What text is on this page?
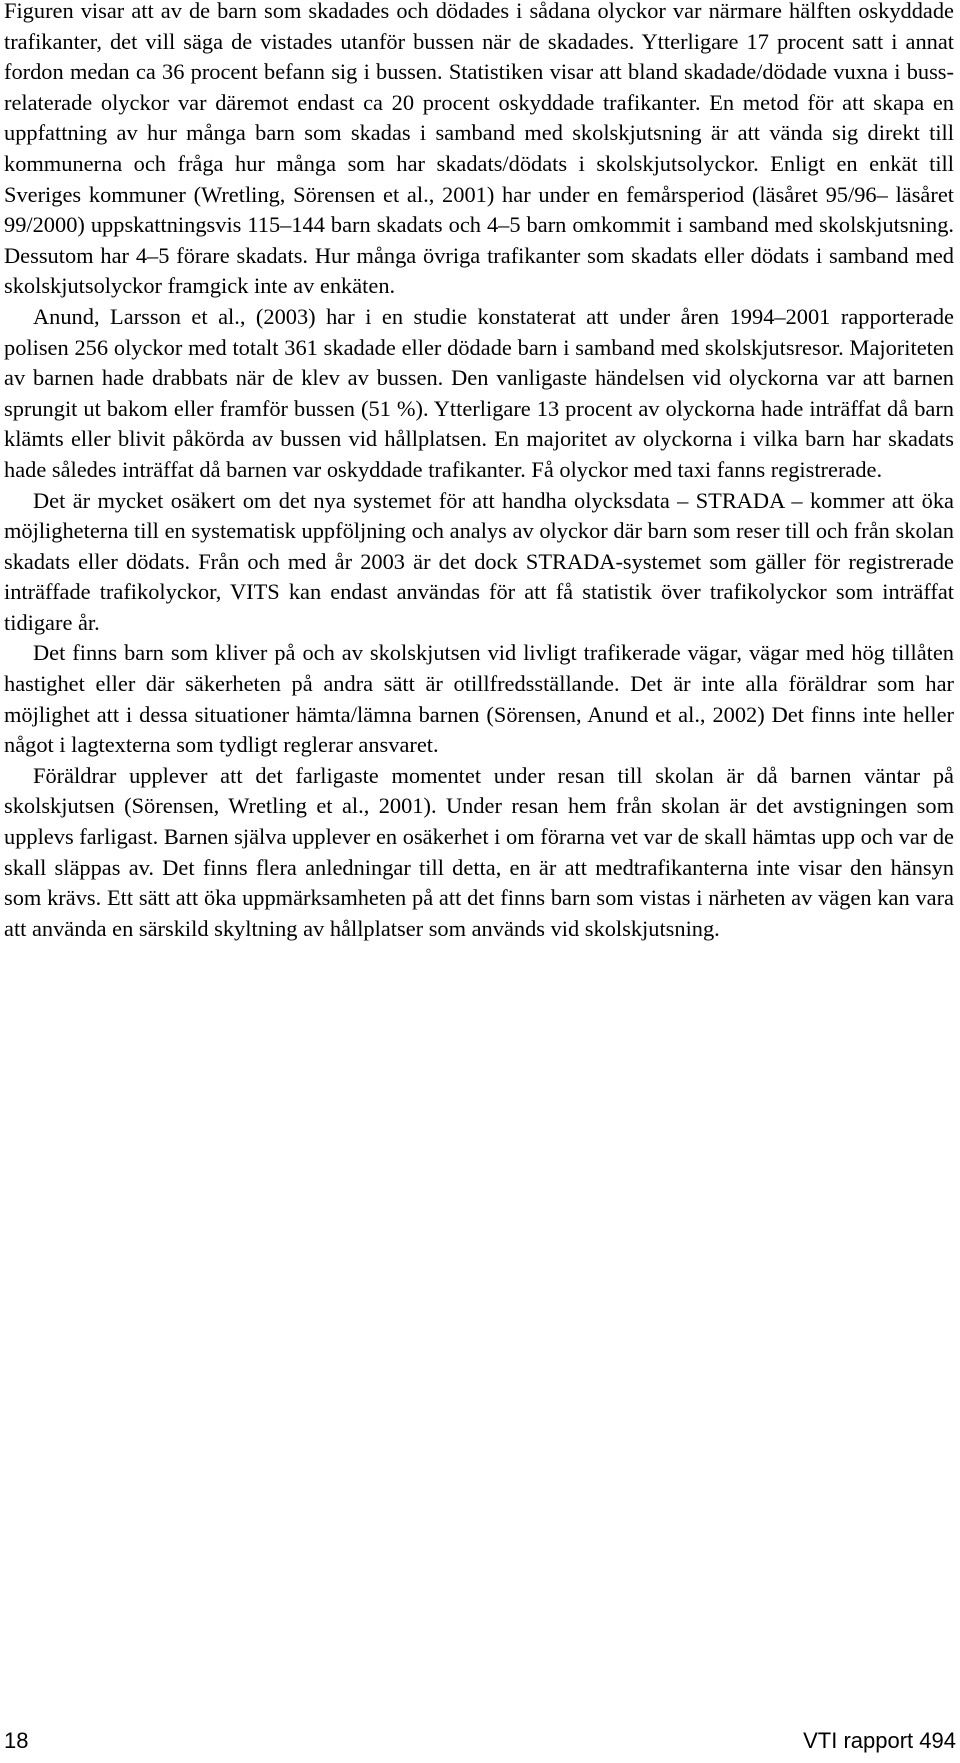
Figuren visar att av de barn som skadades och dödades i sådana olyckor var närmare hälften oskyddade trafikanter, det vill säga de vistades utanför bussen när de skadades. Ytterligare 17 procent satt i annat fordon medan ca 36 procent befann sig i bussen. Statistiken visar att bland skadade/dödade vuxna i bussrelaterade olyckor var däremot endast ca 20 procent oskyddade trafikanter. En metod för att skapa en uppfattning av hur många barn som skadas i samband med skolskjutsning är att vända sig direkt till kommunerna och fråga hur många som har skadats/dödats i skolskjutsolyckor. Enligt en enkät till Sveriges kommuner (Wretling, Sörensen et al., 2001) har under en femårsperiod (läsåret 95/96– läsåret 99/2000) uppskattningsvis 115–144 barn skadats och 4–5 barn omkommit i samband med skolskjutsning. Dessutom har 4–5 förare skadats. Hur många övriga trafikanter som skadats eller dödats i samband med skolskjutsolyckor framgick inte av enkäten.

Anund, Larsson et al., (2003) har i en studie konstaterat att under åren 1994–2001 rapporterade polisen 256 olyckor med totalt 361 skadade eller dödade barn i samband med skolskjutsresor. Majoriteten av barnen hade drabbats när de klev av bussen. Den vanligaste händelsen vid olyckorna var att barnen sprungit ut bakom eller framför bussen (51 %). Ytterligare 13 procent av olyckorna hade inträffat då barn klämts eller blivit påkörda av bussen vid hållplatsen. En majoritet av olyckorna i vilka barn har skadats hade således inträffat då barnen var oskyddade trafikanter. Få olyckor med taxi fanns registrerade.

Det är mycket osäkert om det nya systemet för att handha olycksdata – STRADA – kommer att öka möjligheterna till en systematisk uppföljning och analys av olyckor där barn som reser till och från skolan skadats eller dödats. Från och med år 2003 är det dock STRADA-systemet som gäller för registrerade inträffade trafikolyckor, VITS kan endast användas för att få statistik över trafikolyckor som inträffat tidigare år.

Det finns barn som kliver på och av skolskjutsen vid livligt trafikerade vägar, vägar med hög tillåten hastighet eller där säkerheten på andra sätt är otillfredsställande. Det är inte alla föräldrar som har möjlighet att i dessa situationer hämta/lämna barnen (Sörensen, Anund et al., 2002) Det finns inte heller något i lagtexterna som tydligt reglerar ansvaret.

Föräldrar upplever att det farligaste momentet under resan till skolan är då barnen väntar på skolskjutsen (Sörensen, Wretling et al., 2001). Under resan hem från skolan är det avstigningen som upplevs farligast. Barnen själva upplever en osäkerhet i om förarna vet var de skall hämtas upp och var de skall släppas av. Det finns flera anledningar till detta, en är att medtrafikanterna inte visar den hänsyn som krävs. Ett sätt att öka uppmärksamheten på att det finns barn som vistas i närheten av vägen kan vara att använda en särskild skyltning av hållplatser som används vid skolskjutsning.

18	VTI rapport 494
